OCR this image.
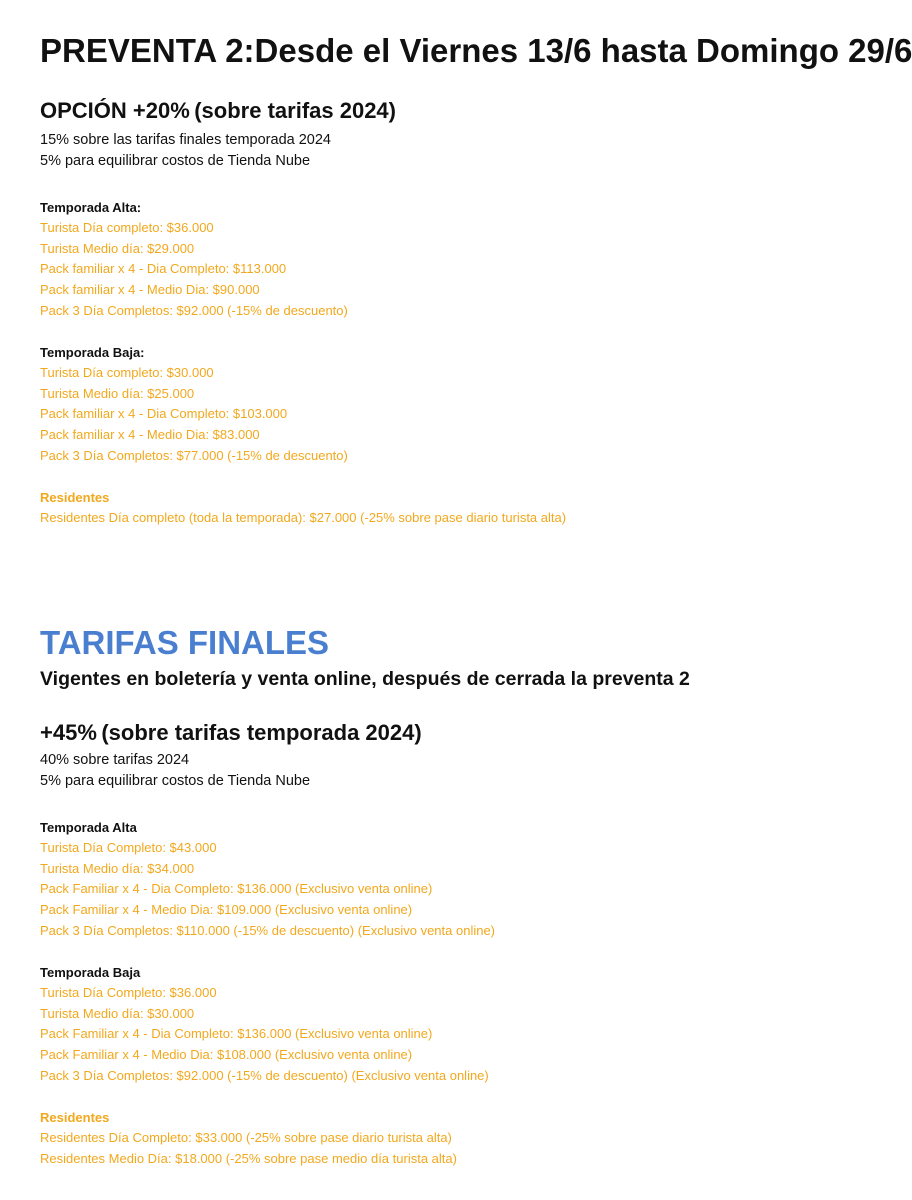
PREVENTA 2:Desde el Viernes 13/6 hasta Domingo 29/6
OPCIÓN +20% (sobre tarifas 2024)
15% sobre las tarifas finales temporada 2024
5% para equilibrar costos de Tienda Nube
Temporada Alta:
Turista Día completo: $36.000
Turista Medio día: $29.000
Pack familiar x 4 - Dia Completo: $113.000
Pack familiar x 4 - Medio Dia: $90.000
Pack 3 Día Completos: $92.000 (-15% de descuento)
Temporada Baja:
Turista Día completo: $30.000
Turista Medio día: $25.000
Pack familiar x 4 - Dia Completo: $103.000
Pack familiar x 4 - Medio Dia: $83.000
Pack 3 Día Completos: $77.000 (-15% de descuento)
Residentes
Residentes Día completo (toda la temporada): $27.000 (-25% sobre pase diario turista alta)
TARIFAS FINALES
Vigentes en boletería y venta online, después de cerrada la preventa 2
+45% (sobre tarifas temporada 2024)
40% sobre tarifas 2024
5% para equilibrar costos de Tienda Nube
Temporada Alta
Turista Día Completo: $43.000
Turista Medio día: $34.000
Pack Familiar x 4 - Dia Completo: $136.000 (Exclusivo venta online)
Pack Familiar x 4 - Medio Dia: $109.000 (Exclusivo venta online)
Pack 3 Día Completos: $110.000 (-15% de descuento) (Exclusivo venta online)
Temporada Baja
Turista Día Completo: $36.000
Turista Medio día: $30.000
Pack Familiar x 4 - Dia Completo: $136.000 (Exclusivo venta online)
Pack Familiar x 4 - Medio Dia: $108.000 (Exclusivo venta online)
Pack 3 Día Completos: $92.000 (-15% de descuento) (Exclusivo venta online)
Residentes
Residentes Día Completo: $33.000 (-25% sobre pase diario turista alta)
Residentes Medio Día: $18.000 (-25% sobre pase medio día turista alta)
